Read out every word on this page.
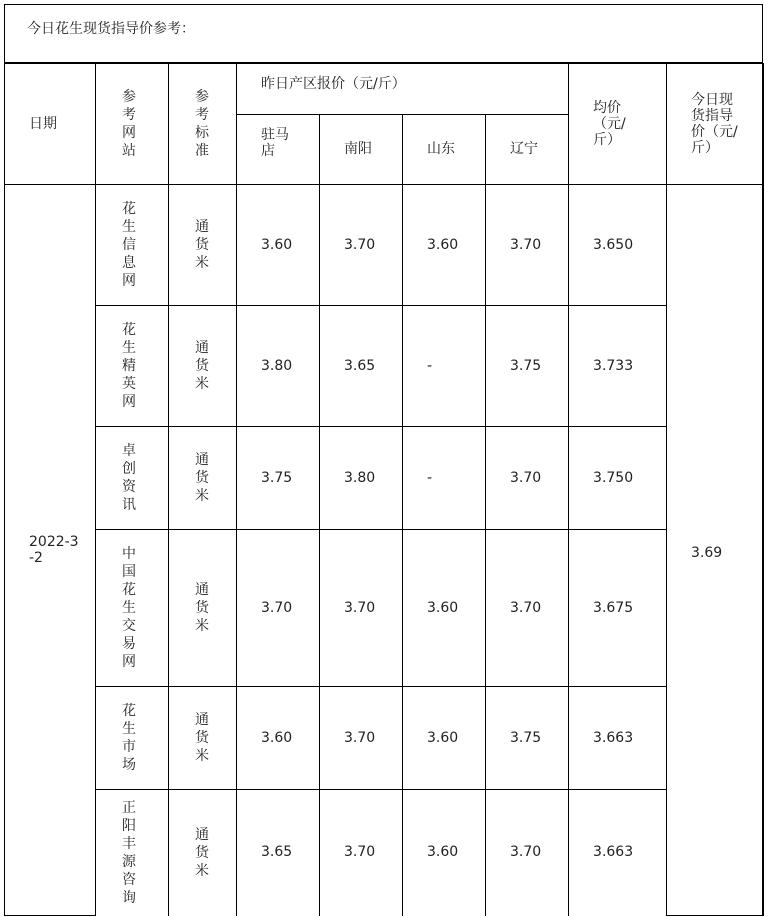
今日花生现货指导价参考：
日期	参考网站	参考标准	昨日产区报价（元/斤）				均价（元/斤）	今日现货指导价（元/斤）

			驻马店	南阳	山东	辽宁		

2022-3-2	花生信息网	通货米	3.60	3.70	3.60	3.70	3.650	3.69

	花生精英网	通货米	3.80	3.65	-	3.75	3.733	

	卓创资讯	通货米	3.75	3.80	-	3.70	3.750	

	中国花生交易网	通货米	3.70	3.70	3.60	3.70	3.675	

	花生市场	通货米	3.60	3.70	3.60	3.75	3.663	

	正阳丰源咨询	通货米	3.65	3.70	3.60	3.70	3.663	
